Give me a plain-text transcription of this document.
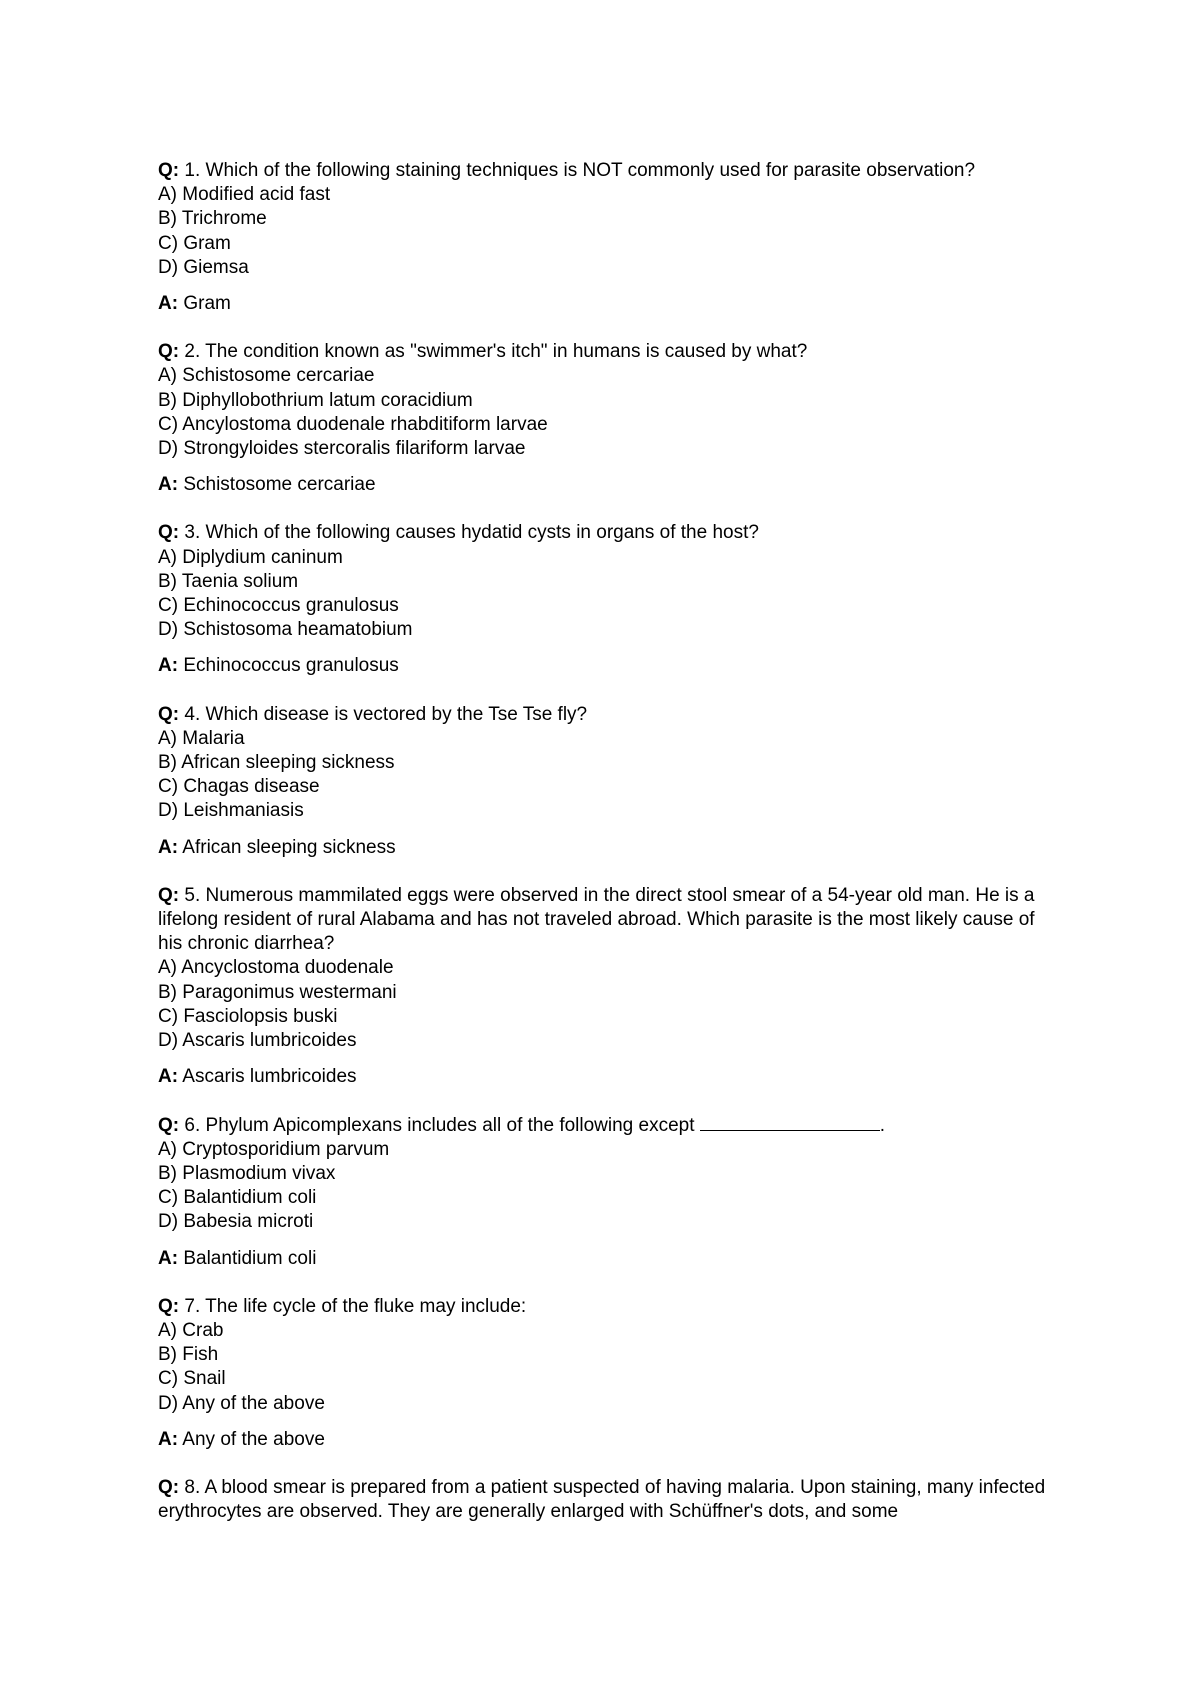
Q: 1. Which of the following staining techniques is NOT commonly used for parasite observation?
A) Modified acid fast
B) Trichrome
C) Gram
D) Giemsa
A: Gram
Q: 2. The condition known as "swimmer's itch" in humans is caused by what?
A) Schistosome cercariae
B) Diphyllobothrium latum coracidium
C) Ancylostoma duodenale rhabditiform larvae
D) Strongyloides stercoralis filariform larvae
A: Schistosome cercariae
Q: 3. Which of the following causes hydatid cysts in organs of the host?
A) Diplydium caninum
B) Taenia solium
C) Echinococcus granulosus
D) Schistosoma heamatobium
A: Echinococcus granulosus
Q: 4. Which disease is vectored by the Tse Tse fly?
A) Malaria
B) African sleeping sickness
C) Chagas disease
D) Leishmaniasis
A: African sleeping sickness
Q: 5. Numerous mammilated eggs were observed in the direct stool smear of a 54-year old man. He is a lifelong resident of rural Alabama and has not traveled abroad. Which parasite is the most likely cause of his chronic diarrhea?
A) Ancyclostoma duodenale
B) Paragonimus westermani
C) Fasciolopsis buski
D) Ascaris lumbricoides
A: Ascaris lumbricoides
Q: 6. Phylum Apicomplexans includes all of the following except	.
A) Cryptosporidium parvum
B) Plasmodium vivax
C) Balantidium coli
D) Babesia microti
A: Balantidium coli
Q: 7. The life cycle of the fluke may include:
A) Crab
B) Fish
C) Snail
D) Any of the above
A: Any of the above
Q: 8. A blood smear is prepared from a patient suspected of having malaria. Upon staining, many infected erythrocytes are observed. They are generally enlarged with Schüffner's dots, and some
